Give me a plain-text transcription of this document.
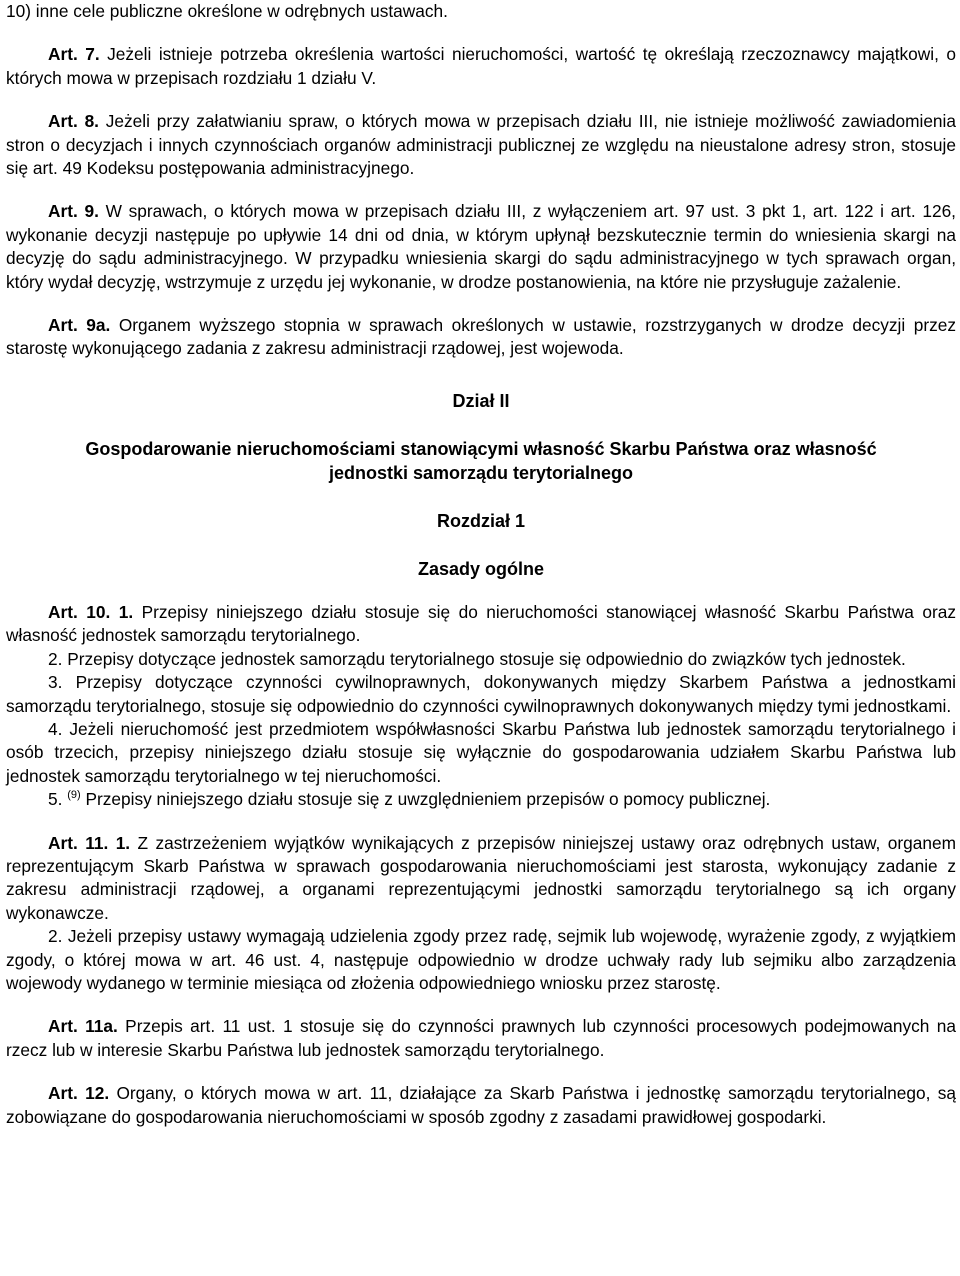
10) inne cele publiczne określone w odrębnych ustawach.

Art. 7. Jeżeli istnieje potrzeba określenia wartości nieruchomości, wartość tę określają rzeczoznawcy majątkowi, o których mowa w przepisach rozdziału 1 działu V.

Art. 8. Jeżeli przy załatwianiu spraw, o których mowa w przepisach działu III, nie istnieje możliwość zawiadomienia stron o decyzjach i innych czynnościach organów administracji publicznej ze względu na nieustalone adresy stron, stosuje się art. 49 Kodeksu postępowania administracyjnego.

Art. 9. W sprawach, o których mowa w przepisach działu III, z wyłączeniem art. 97 ust. 3 pkt 1, art. 122 i art. 126, wykonanie decyzji następuje po upływie 14 dni od dnia, w którym upłynął bezskutecznie termin do wniesienia skargi na decyzję do sądu administracyjnego. W przypadku wniesienia skargi do sądu administracyjnego w tych sprawach organ, który wydał decyzję, wstrzymuje z urzędu jej wykonanie, w drodze postanowienia, na które nie przysługuje zażalenie.

Art. 9a. Organem wyższego stopnia w sprawach określonych w ustawie, rozstrzyganych w drodze decyzji przez starostę wykonującego zadania z zakresu administracji rządowej, jest wojewoda.

Dział II

Gospodarowanie nieruchomościami stanowiącymi własność Skarbu Państwa oraz własność

jednostki samorządu terytorialnego

Rozdział 1

Zasady ogólne

Art. 10. 1. Przepisy niniejszego działu stosuje się do nieruchomości stanowiącej własność Skarbu Państwa oraz własność jednostek samorządu terytorialnego.

2. Przepisy dotyczące jednostek samorządu terytorialnego stosuje się odpowiednio do związków tych jednostek.

3. Przepisy dotyczące czynności cywilnoprawnych, dokonywanych między Skarbem Państwa a jednostkami samorządu terytorialnego, stosuje się odpowiednio do czynności cywilnoprawnych dokonywanych między tymi jednostkami.

4. Jeżeli nieruchomość jest przedmiotem współwłasności Skarbu Państwa lub jednostek samorządu terytorialnego i osób trzecich, przepisy niniejszego działu stosuje się wyłącznie do gospodarowania udziałem Skarbu Państwa lub jednostek samorządu terytorialnego w tej nieruchomości.

5. $^{(9)}$ Przepisy niniejszego działu stosuje się z uwzględnieniem przepisów o pomocy publicznej.

Art. 11. 1. Z zastrzeżeniem wyjątków wynikających z przepisów niniejszej ustawy oraz odrębnych ustaw, organem reprezentującym Skarb Państwa w sprawach gospodarowania nieruchomościami jest starosta, wykonujący zadanie z zakresu administracji rządowej, a organami reprezentującymi jednostki samorządu terytorialnego są ich organy wykonawcze.

2. Jeżeli przepisy ustawy wymagają udzielenia zgody przez radę, sejmik lub wojewodę, wyrażenie zgody, z wyjątkiem zgody, o której mowa w art. 46 ust. 4, następuje odpowiednio w drodze uchwały rady lub sejmiku albo zarządzenia wojewody wydanego w terminie miesiąca od złożenia odpowiedniego wniosku przez starostę.

Art. 11a. Przepis art. 11 ust. 1 stosuje się do czynności prawnych lub czynności procesowych podejmowanych na rzecz lub w interesie Skarbu Państwa lub jednostek samorządu terytorialnego.

Art. 12. Organy, o których mowa w art. 11, działające za Skarb Państwa i jednostkę samorządu terytorialnego, są zobowiązane do gospodarowania nieruchomościami w sposób zgodny z zasadami prawidłowej gospodarki.
